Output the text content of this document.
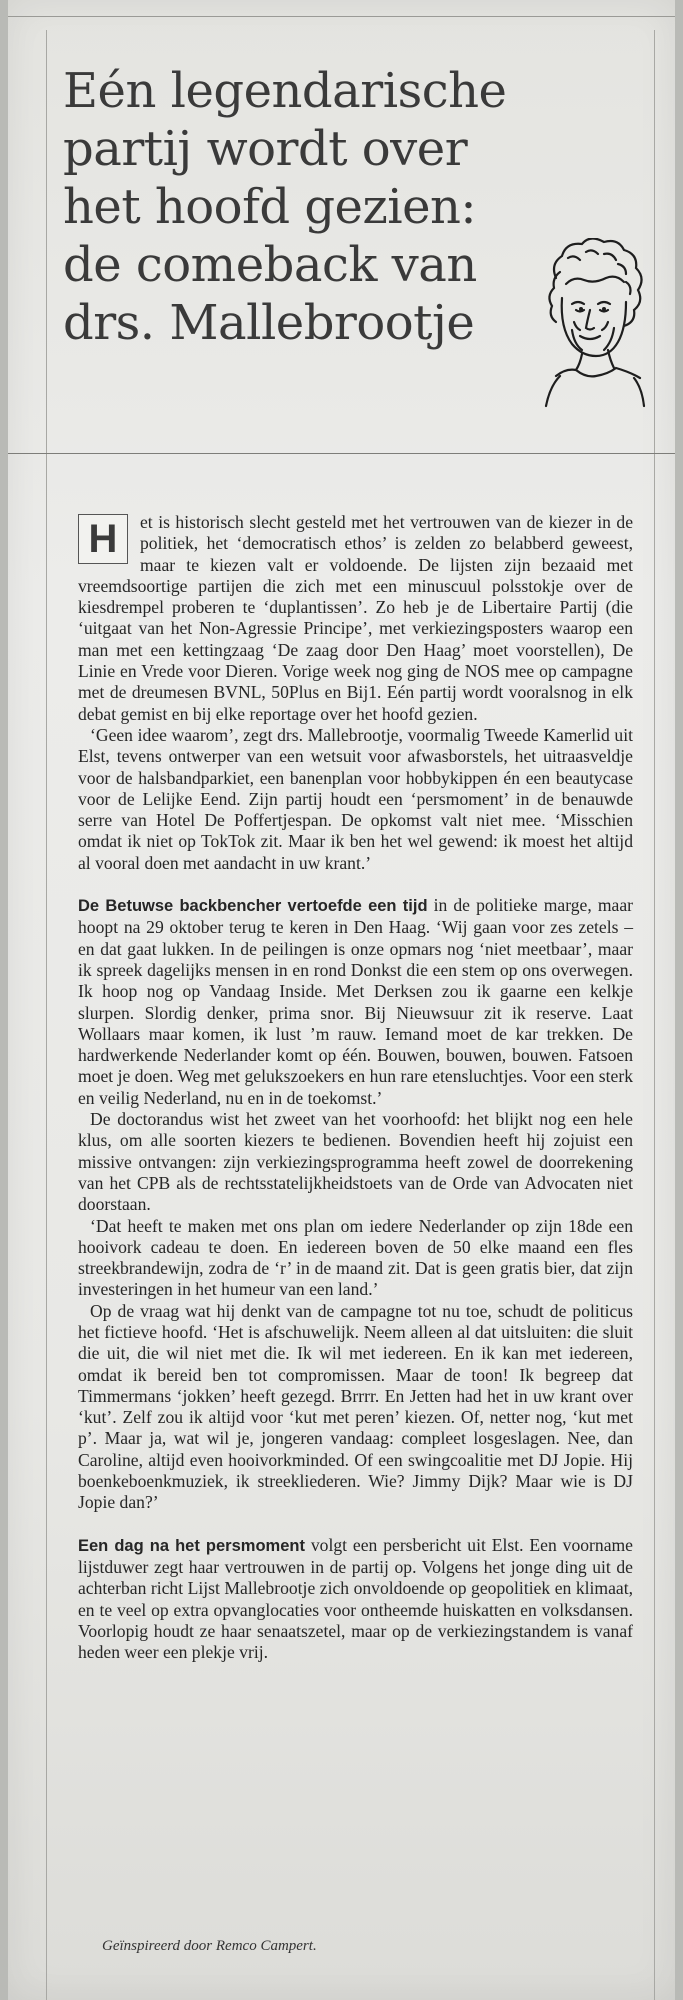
Eén legendarische partij wordt over het hoofd gezien: de comeback van drs. Mallebrootje

H	et is historisch slecht gesteld met het vertrouwen van de kiezer in de politiek, het ‘democratisch ethos’ is zelden zo belabberd geweest, maar te kiezen valt er voldoende. De lijsten zijn bezaaid met vreemdsoortige partijen die zich met een minuscuul polsstokje over de kiesdrempel proberen te ‘duplantissen’. Zo heb je de Libertaire Partij (die ‘uitgaat van het Non-Agressie Principe’, met verkiezingsposters waarop een man met een kettingzaag ‘De zaag door Den Haag’ moet voorstellen), De Linie en Vrede voor Dieren. Vorige week nog ging de NOS mee op campagne met de dreumesen BVNL, 50Plus en Bij1. Eén partij wordt vooralsnog in elk debat gemist en bij elke reportage over het hoofd gezien.

‘Geen idee waarom’, zegt drs. Mallebrootje, voormalig Tweede Kamerlid uit Elst, tevens ontwerper van een wetsuit voor afwasborstels, het uitraasveldje voor de halsbandparkiet, een banenplan voor hobbykippen én een beautycase voor de Lelijke Eend. Zijn partij houdt een ‘persmoment’ in de benauwde serre van Hotel De Poffertjespan. De opkomst valt niet mee. ‘Misschien omdat ik niet op TokTok zit. Maar ik ben het wel gewend: ik moest het altijd al vooral doen met aandacht in uw krant.’

De Betuwse backbencher vertoefde een tijd in de politieke marge, maar hoopt na 29 oktober terug te keren in Den Haag. ‘Wij gaan voor zes zetels – en dat gaat lukken. In de peilingen is onze opmars nog ‘niet meetbaar’, maar ik spreek dagelijks mensen in en rond Donkst die een stem op ons overwegen. Ik hoop nog op Vandaag Inside. Met Derksen zou ik gaarne een kelkje slurpen. Slordig denker, prima snor. Bij Nieuwsuur zit ik reserve. Laat Wollaars maar komen, ik lust ’m rauw. Iemand moet de kar trekken. De hardwerkende Nederlander komt op één. Bouwen, bouwen, bouwen. Fatsoen moet je doen. Weg met gelukszoekers en hun rare etensluchtjes. Voor een sterk en veilig Nederland, nu en in de toekomst.’

De doctorandus wist het zweet van het voorhoofd: het blijkt nog een hele klus, om alle soorten kiezers te bedienen. Bovendien heeft hij zojuist een missive ontvangen: zijn verkiezingsprogramma heeft zowel de doorrekening van het CPB als de rechtsstatelijkheidstoets van de Orde van Advocaten niet doorstaan.

‘Dat heeft te maken met ons plan om iedere Nederlander op zijn 18de een hooivork cadeau te doen. En iedereen boven de 50 elke maand een fles streekbrandewijn, zodra de ‘r’ in de maand zit. Dat is geen gratis bier, dat zijn investeringen in het humeur van een land.’

Op de vraag wat hij denkt van de campagne tot nu toe, schudt de politicus het fictieve hoofd. ‘Het is afschuwelijk. Neem alleen al dat uitsluiten: die sluit die uit, die wil niet met die. Ik wil met iedereen. En ik kan met iedereen, omdat ik bereid ben tot compromissen. Maar de toon! Ik begreep dat Timmermans ‘jokken’ heeft gezegd. Brrrr. En Jetten had het in uw krant over ‘kut’. Zelf zou ik altijd voor ‘kut met peren’ kiezen. Of, netter nog, ‘kut met p’. Maar ja, wat wil je, jongeren vandaag: compleet losgeslagen. Nee, dan Caroline, altijd even hooivorkminded. Of een swingcoalitie met DJ Jopie. Hij boenkeboenkmuziek, ik streekliederen. Wie? Jimmy Dijk? Maar wie is DJ Jopie dan?’

Een dag na het persmoment volgt een persbericht uit Elst. Een voorname lijstduwer zegt haar vertrouwen in de partij op. Volgens het jonge ding uit de achterban richt Lijst Mallebrootje zich onvoldoende op geopolitiek en klimaat, en te veel op extra opvanglocaties voor ontheemde huiskatten en volksdansen. Voorlopig houdt ze haar senaatszetel, maar op de verkiezingstandem is vanaf heden weer een plekje vrij.

Geïnspireerd door Remco Campert.
